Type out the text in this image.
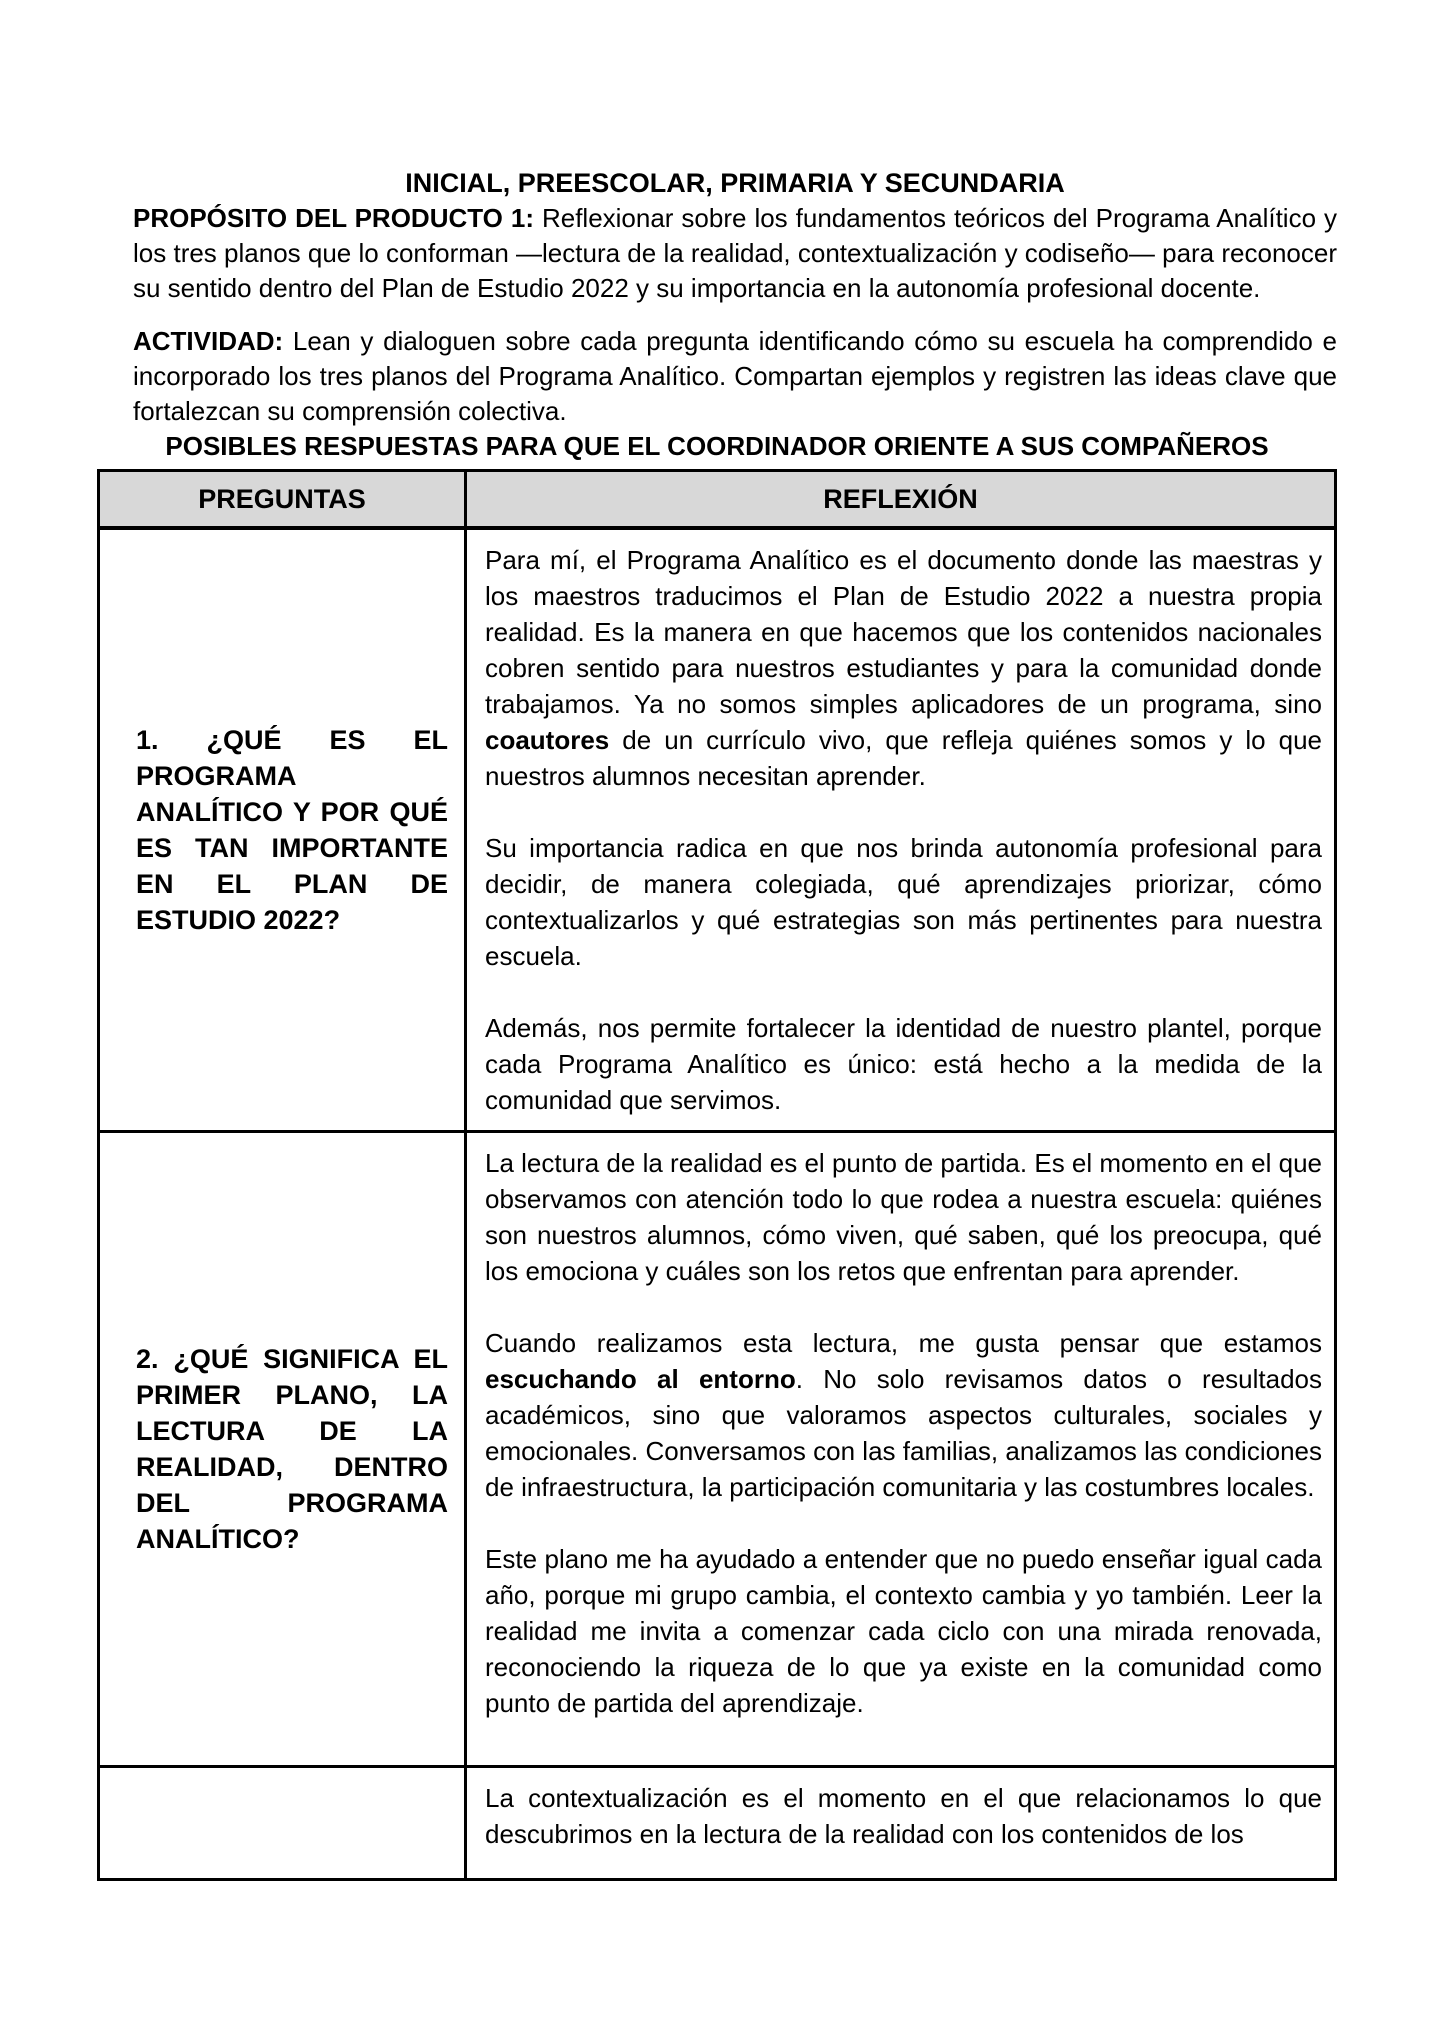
INICIAL, PREESCOLAR, PRIMARIA Y SECUNDARIA

PROPÓSITO DEL PRODUCTO 1: Reflexionar sobre los fundamentos teóricos del Programa Analítico y los tres planos que lo conforman —lectura de la realidad, contextualización y codiseño— para reconocer su sentido dentro del Plan de Estudio 2022 y su importancia en la autonomía profesional docente.

ACTIVIDAD: Lean y dialoguen sobre cada pregunta identificando cómo su escuela ha comprendido e incorporado los tres planos del Programa Analítico. Compartan ejemplos y registren las ideas clave que fortalezcan su comprensión colectiva.

POSIBLES RESPUESTAS PARA QUE EL COORDINADOR ORIENTE A SUS COMPAÑEROS

PREGUNTAS	REFLEXIÓN
1. ¿QUÉ ES EL PROGRAMA ANALÍTICO Y POR QUÉ ES TAN IMPORTANTE EN EL PLAN DE ESTUDIO 2022?	Para mí, el Programa Analítico es el documento donde las maestras y los maestros traducimos el Plan de Estudio 2022 a nuestra propia realidad. Es la manera en que hacemos que los contenidos nacionales cobren sentido para nuestros estudiantes y para la comunidad donde trabajamos. Ya no somos simples aplicadores de un programa, sino coautores de un currículo vivo, que refleja quiénes somos y lo que nuestros alumnos necesitan aprender.

Su importancia radica en que nos brinda autonomía profesional para decidir, de manera colegiada, qué aprendizajes priorizar, cómo contextualizarlos y qué estrategias son más pertinentes para nuestra escuela.

Además, nos permite fortalecer la identidad de nuestro plantel, porque cada Programa Analítico es único: está hecho a la medida de la comunidad que servimos.

2. ¿QUÉ SIGNIFICA EL PRIMER PLANO, LA LECTURA DE LA REALIDAD, DENTRO DEL PROGRAMA ANALÍTICO?	La lectura de la realidad es el punto de partida. Es el momento en el que observamos con atención todo lo que rodea a nuestra escuela: quiénes son nuestros alumnos, cómo viven, qué saben, qué los preocupa, qué los emociona y cuáles son los retos que enfrentan para aprender.

Cuando realizamos esta lectura, me gusta pensar que estamos escuchando al entorno. No solo revisamos datos o resultados académicos, sino que valoramos aspectos culturales, sociales y emocionales. Conversamos con las familias, analizamos las condiciones de infraestructura, la participación comunitaria y las costumbres locales.

Este plano me ha ayudado a entender que no puedo enseñar igual cada año, porque mi grupo cambia, el contexto cambia y yo también. Leer la realidad me invita a comenzar cada ciclo con una mirada renovada, reconociendo la riqueza de lo que ya existe en la comunidad como punto de partida del aprendizaje.

	La contextualización es el momento en el que relacionamos lo que descubrimos en la lectura de la realidad con los contenidos de los
